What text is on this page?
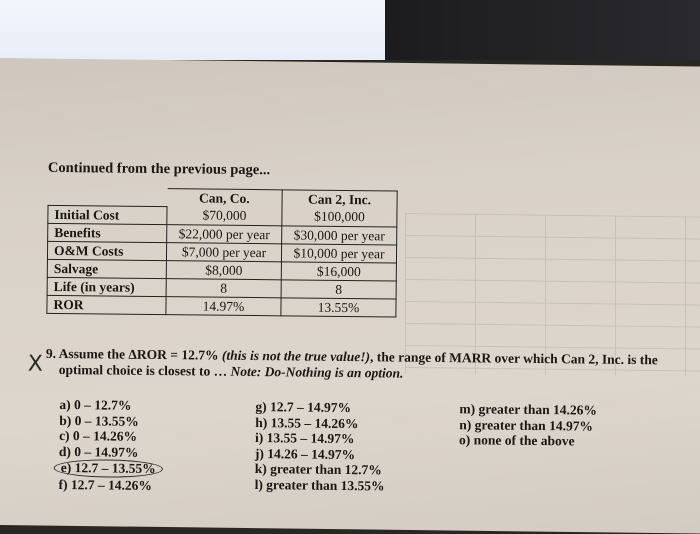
Continued from the previous page...
	Can, Co.	Can 2, Inc.
Initial Cost	$70,000	$100,000
Benefits	$22,000 per year	$30,000 per year
O&M Costs	$7,000 per year	$10,000 per year
Salvage	$8,000	$16,000
Life (in years)	8	8
ROR	14.97%	13.55%
X 9. Assume the ΔROR = 12.7% (this is not the true value!), the range of MARR over which Can 2, Inc. is the
optimal choice is closest to … Note: Do-Nothing is an option.
a) 0 – 12.7%
b) 0 – 13.55%
c) 0 – 14.26%
d) 0 – 14.97%
e) 12.7 – 13.55%
f) 12.7 – 14.26%
g) 12.7 – 14.97%
h) 13.55 – 14.26%
i) 13.55 – 14.97%
j) 14.26 – 14.97%
k) greater than 12.7%
l) greater than 13.55%
m) greater than 14.26%
n) greater than 14.97%
o) none of the above
